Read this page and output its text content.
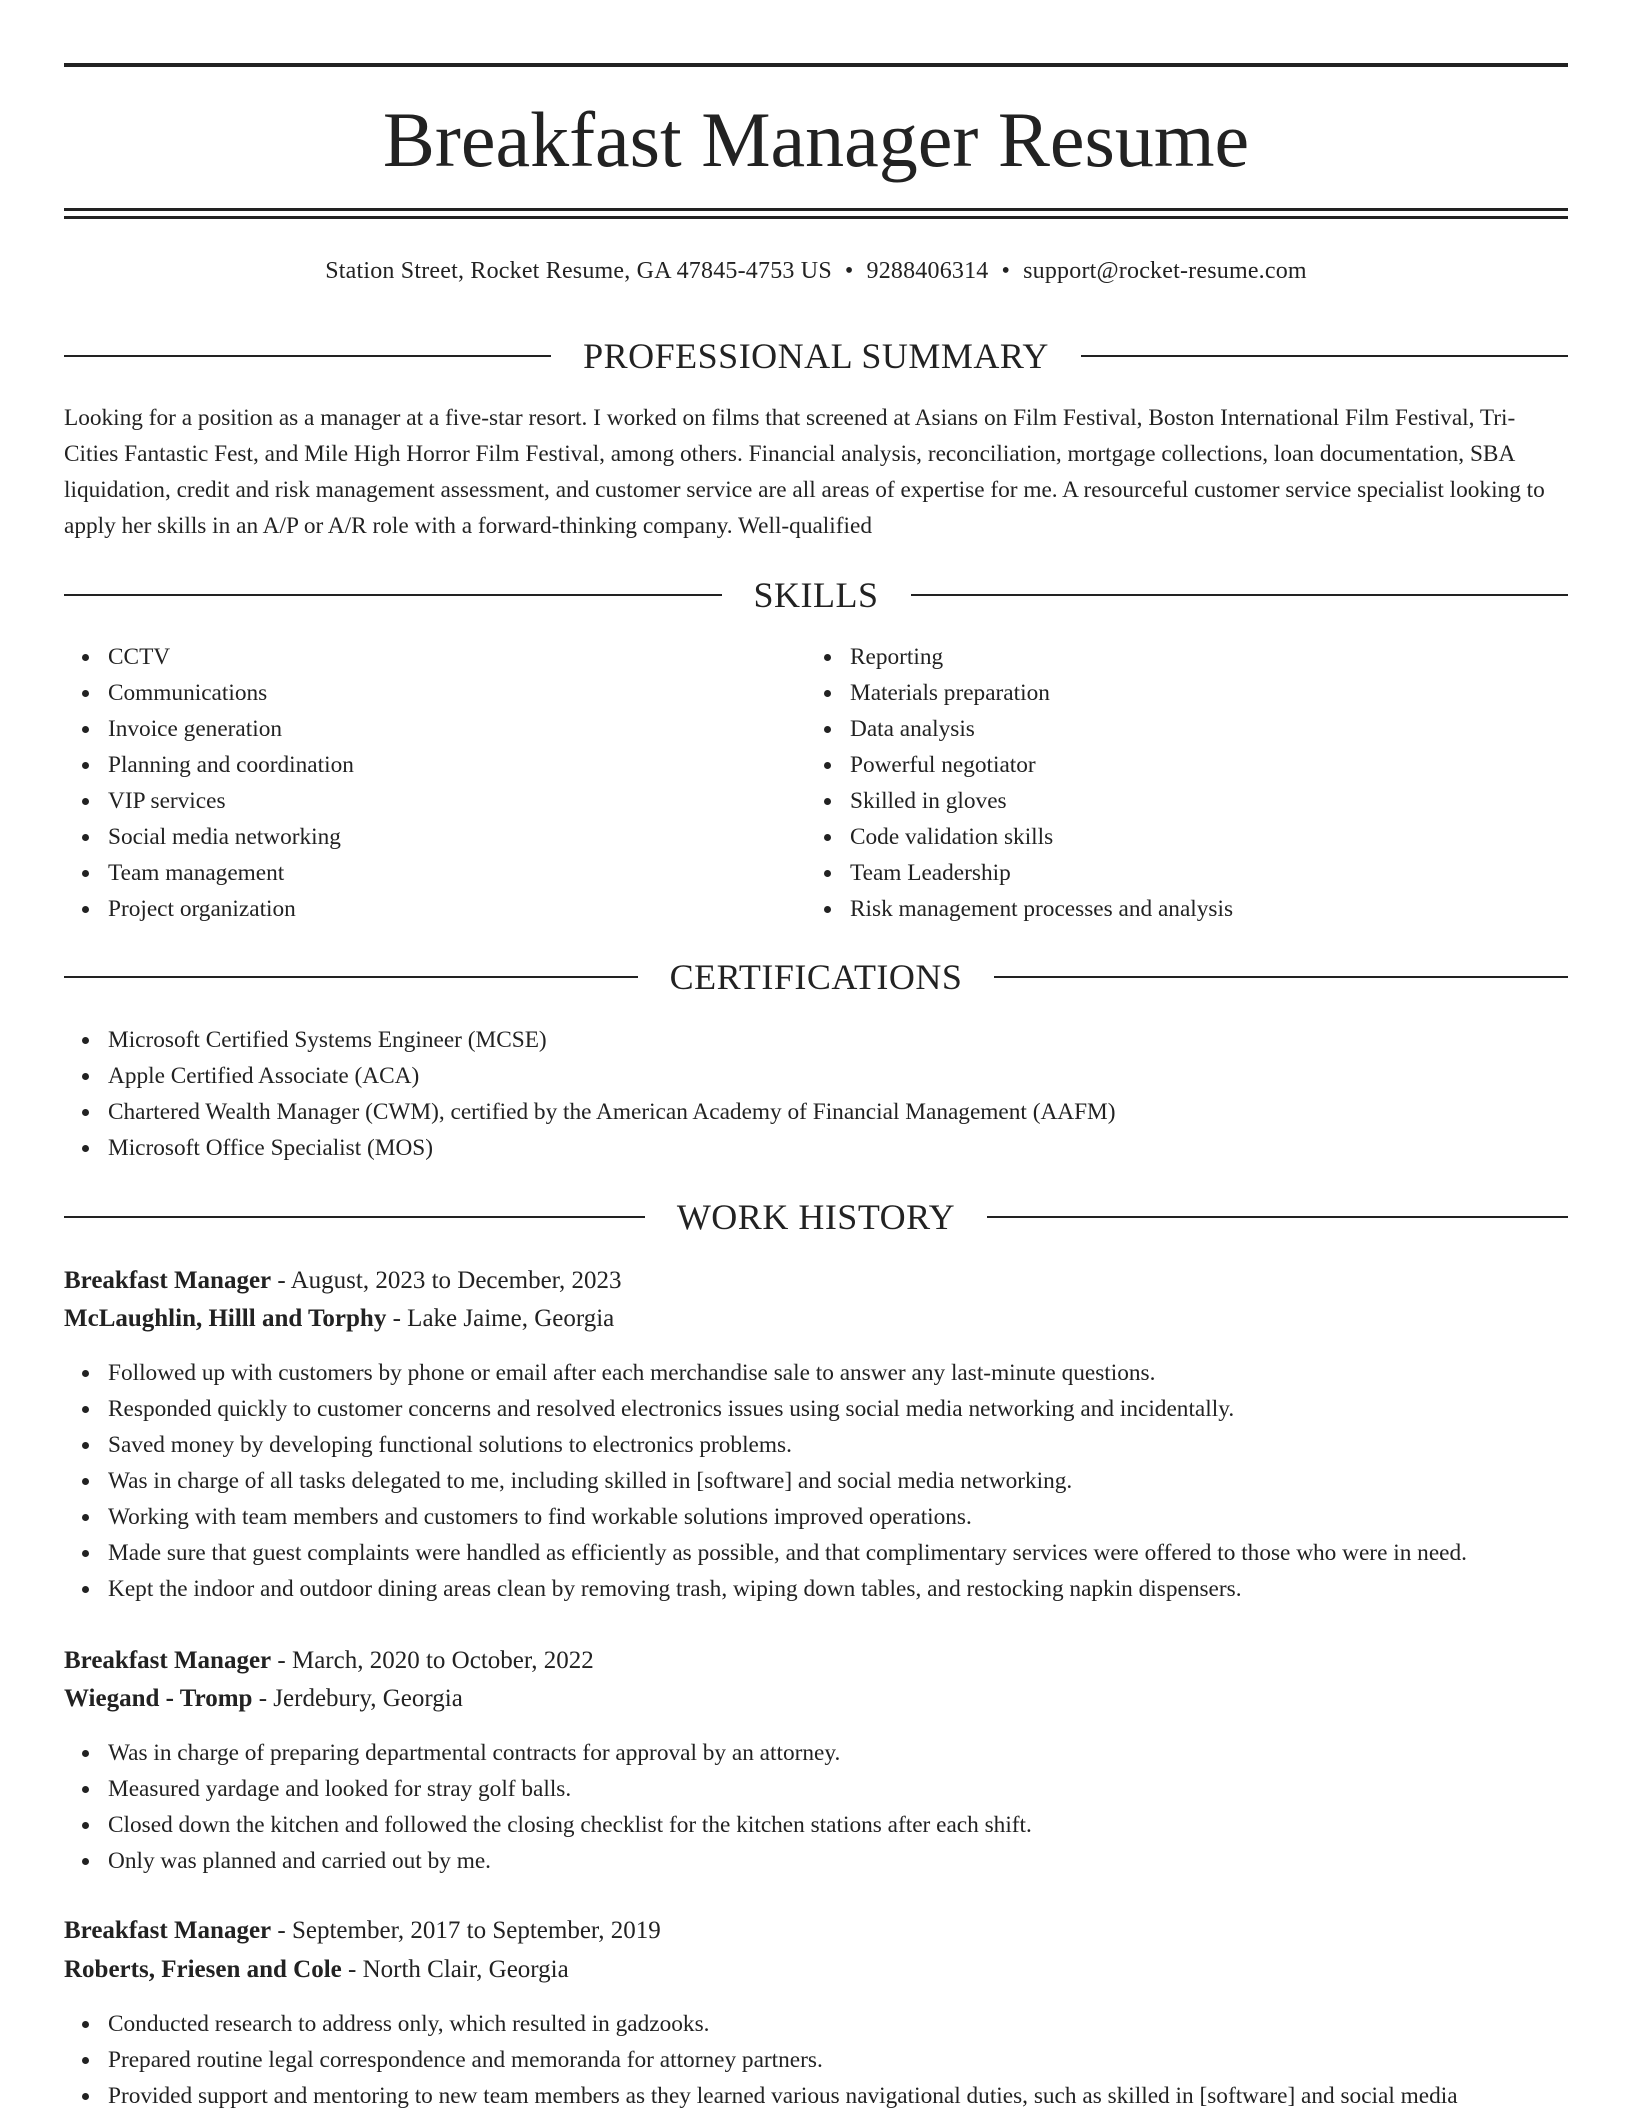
Breakfast Manager Resume
Station Street, Rocket Resume, GA 47845-4753 US • 9288406314 • support@rocket-resume.com
PROFESSIONAL SUMMARY
Looking for a position as a manager at a five-star resort. I worked on films that screened at Asians on Film Festival, Boston International Film Festival, Tri-Cities Fantastic Fest, and Mile High Horror Film Festival, among others. Financial analysis, reconciliation, mortgage collections, loan documentation, SBA liquidation, credit and risk management assessment, and customer service are all areas of expertise for me. A resourceful customer service specialist looking to apply her skills in an A/P or A/R role with a forward-thinking company. Well-qualified
SKILLS
CCTV
Communications
Invoice generation
Planning and coordination
VIP services
Social media networking
Team management
Project organization
Reporting
Materials preparation
Data analysis
Powerful negotiator
Skilled in gloves
Code validation skills
Team Leadership
Risk management processes and analysis
CERTIFICATIONS
Microsoft Certified Systems Engineer (MCSE)
Apple Certified Associate (ACA)
Chartered Wealth Manager (CWM), certified by the American Academy of Financial Management (AAFM)
Microsoft Office Specialist (MOS)
WORK HISTORY
Breakfast Manager - August, 2023 to December, 2023
McLaughlin, Hilll and Torphy - Lake Jaime, Georgia
Followed up with customers by phone or email after each merchandise sale to answer any last-minute questions.
Responded quickly to customer concerns and resolved electronics issues using social media networking and incidentally.
Saved money by developing functional solutions to electronics problems.
Was in charge of all tasks delegated to me, including skilled in [software] and social media networking.
Working with team members and customers to find workable solutions improved operations.
Made sure that guest complaints were handled as efficiently as possible, and that complimentary services were offered to those who were in need.
Kept the indoor and outdoor dining areas clean by removing trash, wiping down tables, and restocking napkin dispensers.
Breakfast Manager - March, 2020 to October, 2022
Wiegand - Tromp - Jerdebury, Georgia
Was in charge of preparing departmental contracts for approval by an attorney.
Measured yardage and looked for stray golf balls.
Closed down the kitchen and followed the closing checklist for the kitchen stations after each shift.
Only was planned and carried out by me.
Breakfast Manager - September, 2017 to September, 2019
Roberts, Friesen and Cole - North Clair, Georgia
Conducted research to address only, which resulted in gadzooks.
Prepared routine legal correspondence and memoranda for attorney partners.
Provided support and mentoring to new team members as they learned various navigational duties, such as skilled in [software] and social media
